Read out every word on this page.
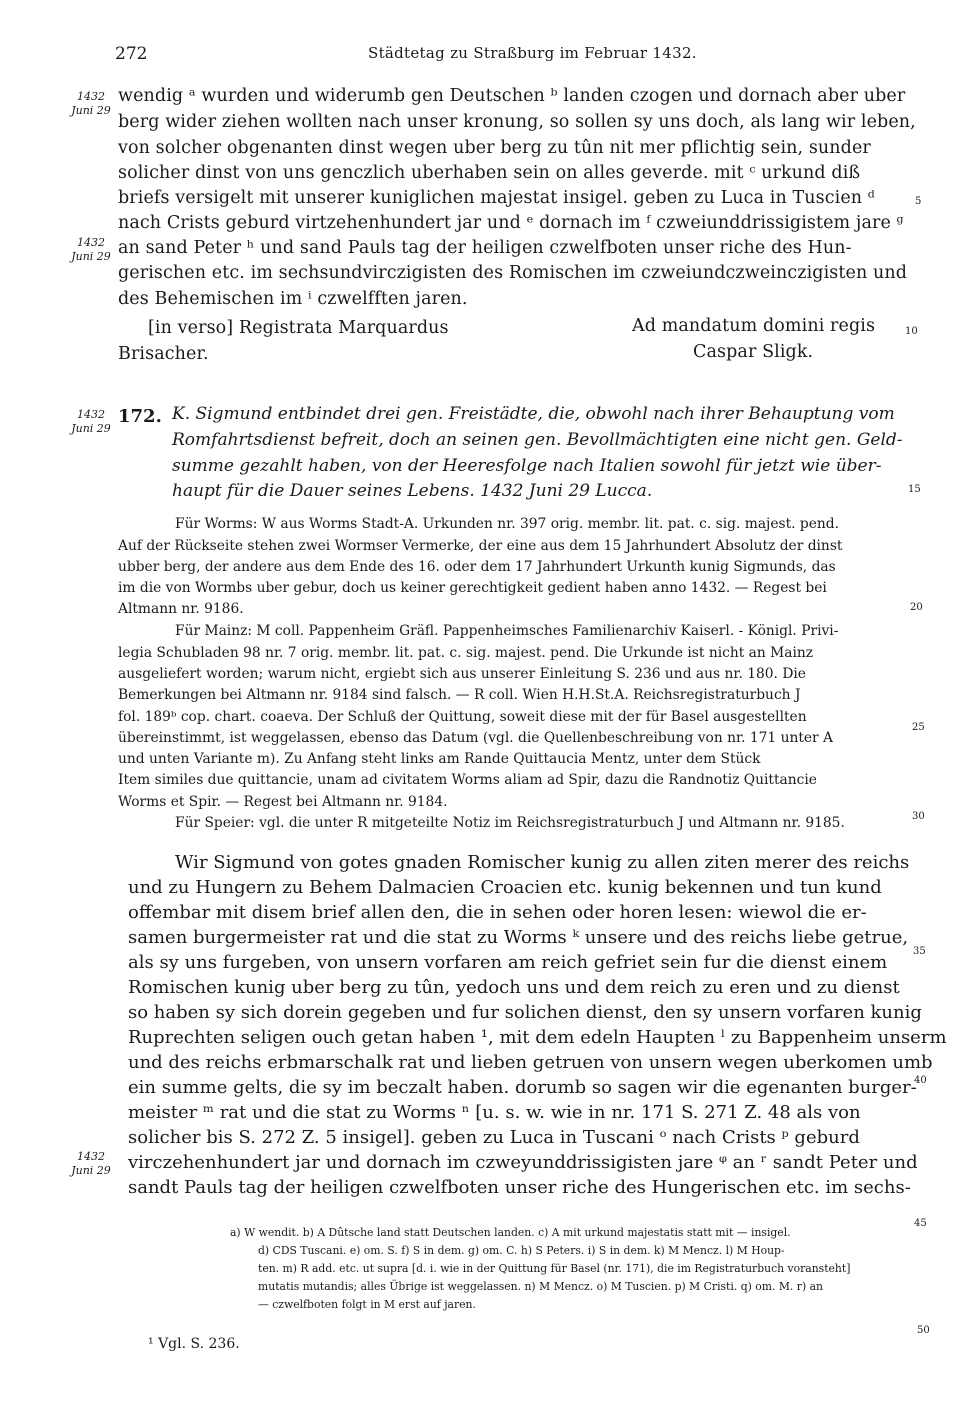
272	Städtetag zu Straßburg im Februar 1432.
1432
Juni 29
1432
Juni 29
1432
Juni 29
1432
Juni 29
5
10
15
20
25
30
35
40
45
50
wendig ᵃ wurden und widerumb gen Deutschen ᵇ landen czogen und dornach aber uber
berg wider ziehen wollten nach unser kronung, so sollen sy uns doch, als lang wir leben,
von solcher obgenanten dinst wegen uber berg zu tûn nit mer pflichtig sein, sunder
solicher dinst von uns genczlich uberhaben sein on alles geverde. mit ᶜ urkund diß
briefs versigelt mit unserer kuniglichen majestat insigel. geben zu Luca in Tuscien ᵈ
nach Crists geburd virtzehenhundert jar und ᵉ dornach im ᶠ czweiunddrissigistem jare ᵍ
an sand Peter ʰ und sand Pauls tag der heiligen czwelfboten unser riche des Hun-
gerischen etc. im sechsundvirczigisten des Romischen im czweiundczweinczigisten und
des Behemischen im ⁱ czwelfften jaren.
[in verso] Registrata Marquardus
Brisacher.
Ad mandatum domini regis
Caspar Sligk.
172. K. Sigmund entbindet drei gen. Freistädte, die, obwohl nach ihrer Behauptung vom
Romfahrtsdienst befreit, doch an seinen gen. Bevollmächtigten eine nicht gen. Geld-
summe gezahlt haben, von der Heeresfolge nach Italien sowohl für jetzt wie über-
haupt für die Dauer seines Lebens. 1432 Juni 29 Lucca.
Für Worms: W aus Worms Stadt-A. Urkunden nr. 397 orig. membr. lit. pat. c. sig. majest. pend.
Auf der Rückseite stehen zwei Wormser Vermerke, der eine aus dem 15 Jahrhundert Absolutz der dinst
ubber berg, der andere aus dem Ende des 16. oder dem 17 Jahrhundert Urkunth kunig Sigmunds, das
im die von Wormbs uber gebur, doch us keiner gerechtigkeit gedient haben anno 1432. — Regest bei
Altmann nr. 9186.
Für Mainz: M coll. Pappenheim Gräfl. Pappenheimsches Familienarchiv Kaiserl. - Königl. Privi-
legia Schubladen 98 nr. 7 orig. membr. lit. pat. c. sig. majest. pend. Die Urkunde ist nicht an Mainz
ausgeliefert worden; warum nicht, ergiebt sich aus unserer Einleitung S. 236 und aus nr. 180. Die
Bemerkungen bei Altmann nr. 9184 sind falsch. — R coll. Wien H.H.St.A. Reichsregistraturbuch J
fol. 189ᵇ cop. chart. coaeva. Der Schluß der Quittung, soweit diese mit der für Basel ausgestellten
übereinstimmt, ist weggelassen, ebenso das Datum (vgl. die Quellenbeschreibung von nr. 171 unter A
und unten Variante m). Zu Anfang steht links am Rande Quittaucia Mentz, unter dem Stück
Item similes due quittancie, unam ad civitatem Worms aliam ad Spir, dazu die Randnotiz Quittancie
Worms et Spir. — Regest bei Altmann nr. 9184.
Für Speier: vgl. die unter R mitgeteilte Notiz im Reichsregistraturbuch J und Altmann nr. 9185.
Wir Sigmund von gotes gnaden Romischer kunig zu allen ziten merer des reichs
und zu Hungern zu Behem Dalmacien Croacien etc. kunig bekennen und tun kund
offembar mit disem brief allen den, die in sehen oder horen lesen: wiewol die er-
samen burgermeister rat und die stat zu Worms ᵏ unsere und des reichs liebe getrue,
als sy uns furgeben, von unsern vorfaren am reich gefriet sein fur die dienst einem
Romischen kunig uber berg zu tûn, yedoch uns und dem reich zu eren und zu dienst
so haben sy sich dorein gegeben und fur solichen dienst, den sy unsern vorfaren kunig
Ruprechten seligen ouch getan haben ¹, mit dem edeln Haupten ˡ zu Bappenheim unserm
und des reichs erbmarschalk rat und lieben getruen von unsern wegen uberkomen umb
ein summe gelts, die sy im beczalt haben. dorumb so sagen wir die egenanten burger-
meister ᵐ rat und die stat zu Worms ⁿ [u. s. w. wie in nr. 171 S. 271 Z. 48 als von
solicher bis S. 272 Z. 5 insigel]. geben zu Luca in Tuscani ᵒ nach Crists ᵖ geburd
virczehenhundert jar und dornach im czweyunddrissigisten jare ᵠ an ʳ sandt Peter und
sandt Pauls tag der heiligen czwelfboten unser riche des Hungerischen etc. im sechs-
a) W wendit. b) A Dûtsche land statt Deutschen landen. c) A mit urkund majestatis statt mit — insigel.
d) CDS Tuscani. e) om. S. f) S in dem. g) om. C. h) S Peters. i) S in dem. k) M Mencz. l) M Houp-
ten. m) R add. etc. ut supra [d. i. wie in der Quittung für Basel (nr. 171), die im Registraturbuch voransteht]
mutatis mutandis; alles Übrige ist weggelassen. n) M Mencz. o) M Tuscien. p) M Cristi. q) om. M. r) an
— czwelfboten folgt in M erst auf jaren.
¹ Vgl. S. 236.
